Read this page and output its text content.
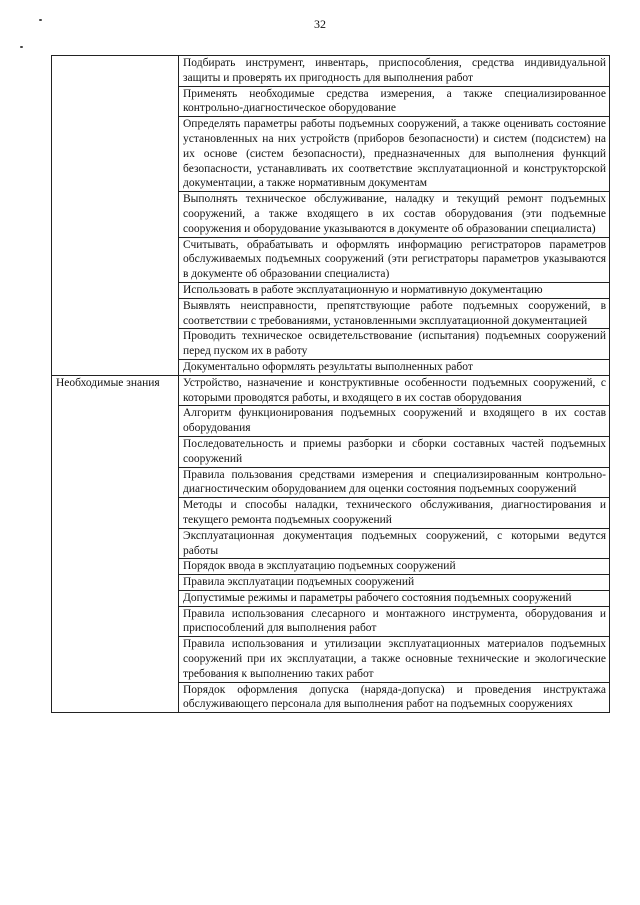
32
	Подбирать инструмент, инвентарь, приспособления, средства индивидуальной защиты и проверять их пригодность для выполнения работ
	Применять необходимые средства измерения, а также специализированное контрольно-диагностическое оборудование
	Определять параметры работы подъемных сооружений, а также оценивать состояние установленных на них устройств (приборов безопасности) и систем (подсистем) на их основе (систем безопасности), предназначенных для выполнения функций безопасности, устанавливать их соответствие эксплуатационной и конструкторской документации, а также нормативным документам
	Выполнять техническое обслуживание, наладку и текущий ремонт подъемных сооружений, а также входящего в их состав оборудования (эти подъемные сооружения и оборудование указываются в документе об образовании специалиста)
	Считывать, обрабатывать и оформлять информацию регистраторов параметров обслуживаемых подъемных сооружений (эти регистраторы параметров указываются в документе об образовании специалиста)
	Использовать в работе эксплуатационную и нормативную документацию
	Выявлять неисправности, препятствующие работе подъемных сооружений, в соответствии с требованиями, установленными эксплуатационной документацией
	Проводить техническое освидетельствование (испытания) подъемных сооружений перед пуском их в работу
	Документально оформлять результаты выполненных работ
Необходимые знания	Устройство, назначение и конструктивные особенности подъемных сооружений, с которыми проводятся работы, и входящего в их состав оборудования
	Алгоритм функционирования подъемных сооружений и входящего в их состав оборудования
	Последовательность и приемы разборки и сборки составных частей подъемных сооружений
	Правила пользования средствами измерения и специализированным контрольно-диагностическим оборудованием для оценки состояния подъемных сооружений
	Методы и способы наладки, технического обслуживания, диагностирования и текущего ремонта подъемных сооружений
	Эксплуатационная документация подъемных сооружений, с которыми ведутся работы
	Порядок ввода в эксплуатацию подъемных сооружений
	Правила эксплуатации подъемных сооружений
	Допустимые режимы и параметры рабочего состояния подъемных сооружений
	Правила использования слесарного и монтажного инструмента, оборудования и приспособлений для выполнения работ
	Правила использования и утилизации эксплуатационных материалов подъемных сооружений при их эксплуатации, а также основные технические и экологические требования к выполнению таких работ
	Порядок оформления допуска (наряда-допуска) и проведения инструктажа обслуживающего персонала для выполнения работ на подъемных сооружениях
